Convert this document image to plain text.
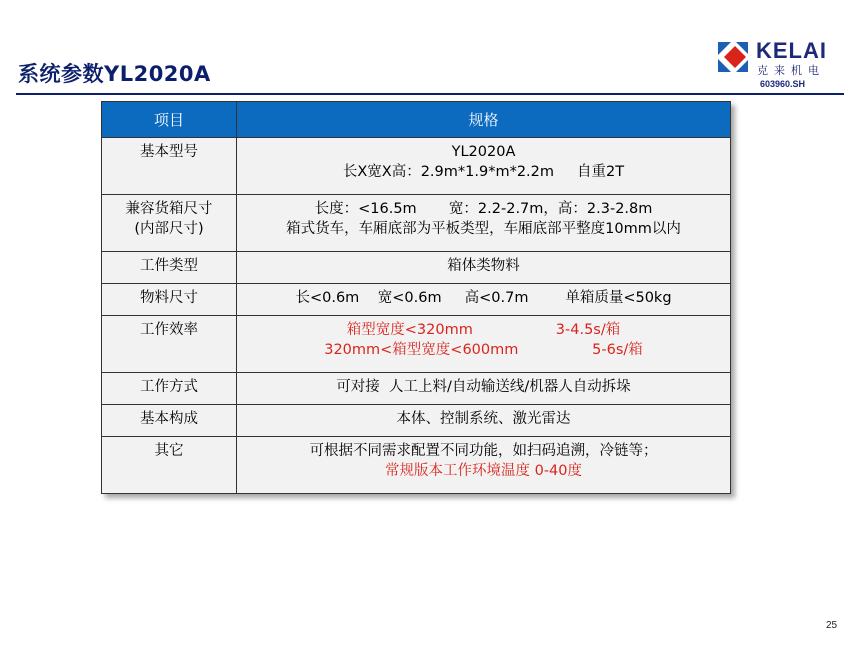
系统参数YL2020A
KELAI
克来机电
603960.SH
项目	规格

基本型号	YL2020A
长X宽X高：2.9m*1.9*m*2.2m     自重2T

兼容货箱尺寸
(内部尺寸)	长度：<16.5m       宽：2.2-2.7m，高：2.3-2.8m
箱式货车，车厢底部为平板类型，车厢底部平整度10mm以内

工件类型	箱体类物料

物料尺寸	长<0.6m    宽<0.6m     高<0.7m        单箱质量<50kg

工作效率	箱型宽度<320mm                  3-4.5s/箱
320mm<箱型宽度<600mm                5-6s/箱

工作方式	可对接  人工上料/自动输送线/机器人自动拆垛

基本构成	本体、控制系统、激光雷达

其它	可根据不同需求配置不同功能，如扫码追溯，冷链等；
常规版本工作环境温度 0-40度
25
